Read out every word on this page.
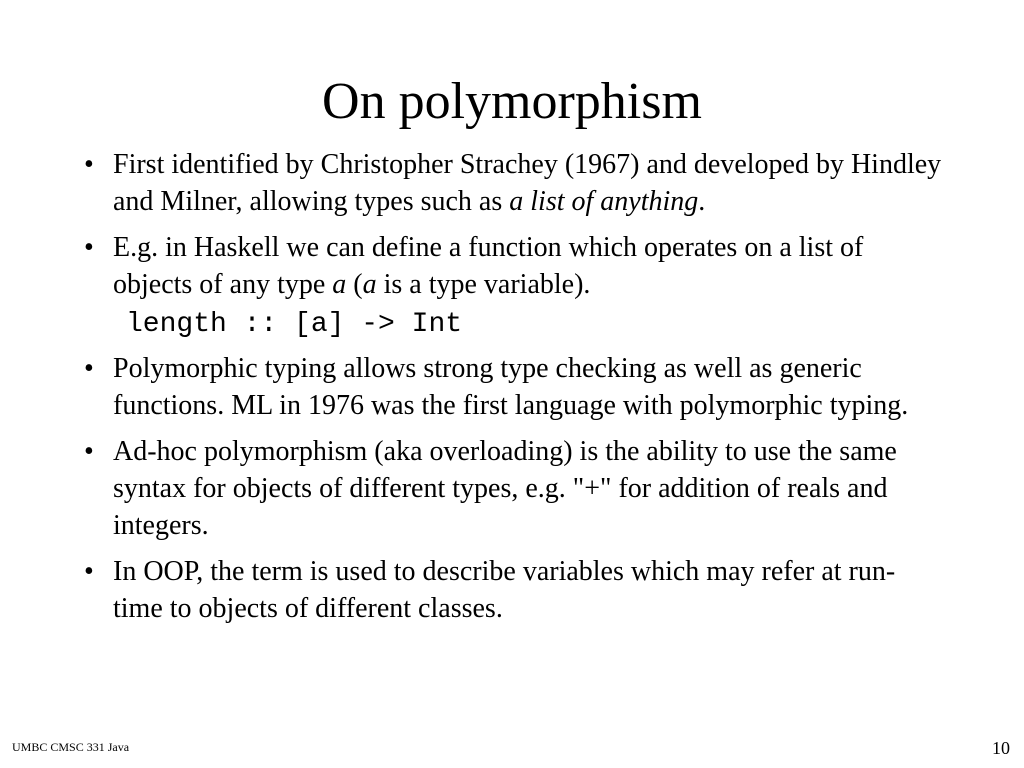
On polymorphism
• First identified by Christopher Strachey (1967) and developed by Hindley and Milner, allowing types such as a list of anything.
• E.g. in Haskell we can define a function which operates on a list of objects of any type a (a is a type variable).
length :: [a] -> Int
• Polymorphic typing allows strong type checking as well as generic functions. ML in 1976 was the first language with polymorphic typing.
• Ad-hoc polymorphism (aka overloading) is the ability to use the same syntax for objects of different types, e.g. "+" for addition of reals and integers.
• In OOP, the term is used to describe variables which may refer at run-time to objects of different classes.
UMBC CMSC 331 Java	10
